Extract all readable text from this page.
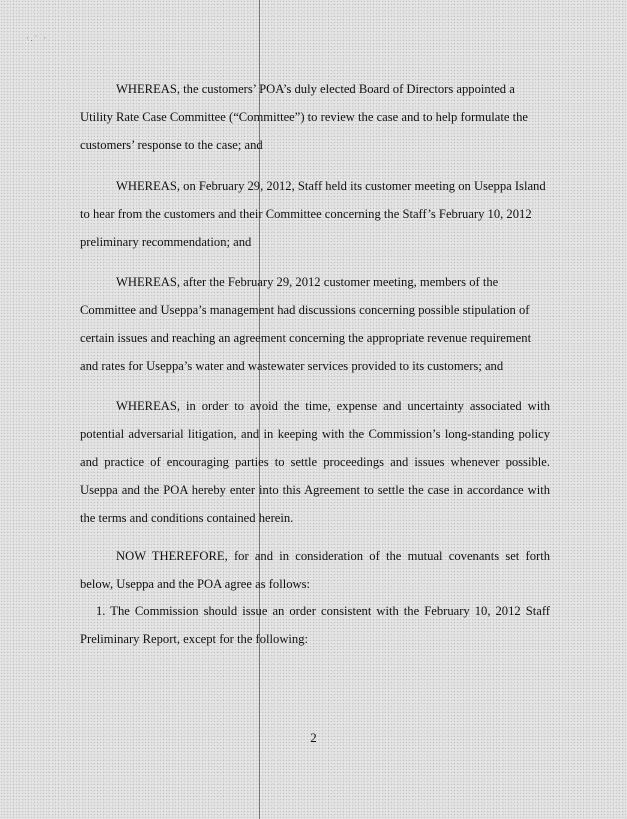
·.˙ ·

WHEREAS, the customers’ POA’s duly elected Board of Directors appointed a Utility Rate Case Committee (“Committee”) to review the case and to help formulate the customers’ response to the case; and

WHEREAS, on February 29, 2012, Staff held its customer meeting on Useppa Island to hear from the customers and their Committee concerning the Staff’s February 10, 2012 preliminary recommendation; and

WHEREAS, after the February 29, 2012 customer meeting, members of the Committee and Useppa’s management had discussions concerning possible stipulation of certain issues and reaching an agreement concerning the appropriate revenue requirement and rates for Useppa’s water and wastewater services provided to its customers; and

WHEREAS, in order to avoid the time, expense and uncertainty associated with potential adversarial litigation, and in keeping with the Commission’s long-standing policy and practice of encouraging parties to settle proceedings and issues whenever possible. Useppa and the POA hereby enter into this Agreement to settle the case in accordance with the terms and conditions contained herein.

NOW THEREFORE, for and in consideration of the mutual covenants set forth below, Useppa and the POA agree as follows:

1. The Commission should issue an order consistent with the February 10, 2012 Staff Preliminary Report, except for the following:

2
